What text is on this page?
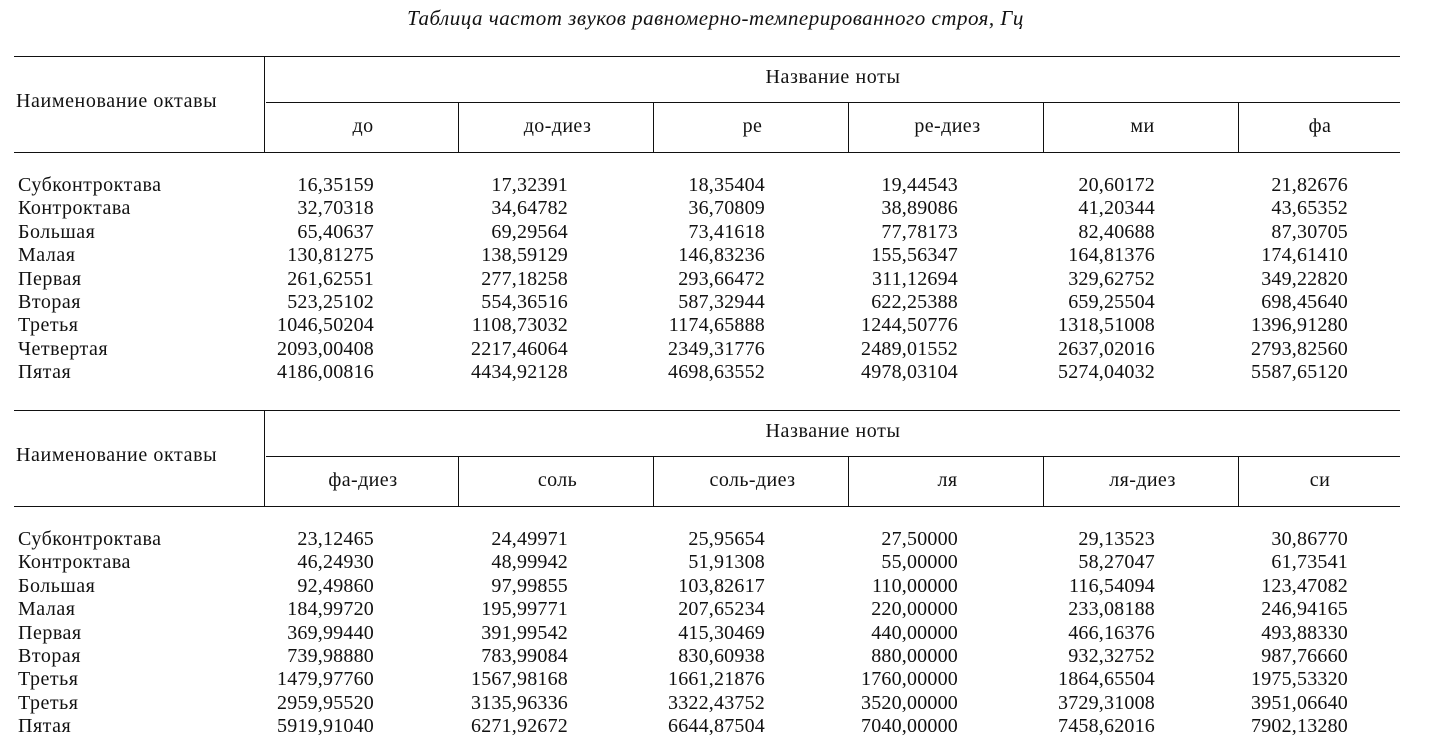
Таблица частот звуков равномерно-темперированного строя, Гц
Наименование октавы
Название ноты
до	до-диез	ре	ре-диез	ми	фа
Субконтроктава	16,35159	17,32391	18,35404	19,44543	20,60172	21,82676
Контроктава	32,70318	34,64782	36,70809	38,89086	41,20344	43,65352
Большая	65,40637	69,29564	73,41618	77,78173	82,40688	87,30705
Малая	130,81275	138,59129	146,83236	155,56347	164,81376	174,61410
Первая	261,62551	277,18258	293,66472	311,12694	329,62752	349,22820
Вторая	523,25102	554,36516	587,32944	622,25388	659,25504	698,45640
Третья	1046,50204	1108,73032	1174,65888	1244,50776	1318,51008	1396,91280
Четвертая	2093,00408	2217,46064	2349,31776	2489,01552	2637,02016	2793,82560
Пятая	4186,00816	4434,92128	4698,63552	4978,03104	5274,04032	5587,65120
Наименование октавы
Название ноты
фа-диез	соль	соль-диез	ля	ля-диез	си
Субконтроктава	23,12465	24,49971	25,95654	27,50000	29,13523	30,86770
Контроктава	46,24930	48,99942	51,91308	55,00000	58,27047	61,73541
Большая	92,49860	97,99855	103,82617	110,00000	116,54094	123,47082
Малая	184,99720	195,99771	207,65234	220,00000	233,08188	246,94165
Первая	369,99440	391,99542	415,30469	440,00000	466,16376	493,88330
Вторая	739,98880	783,99084	830,60938	880,00000	932,32752	987,76660
Третья	1479,97760	1567,98168	1661,21876	1760,00000	1864,65504	1975,53320
Третья	2959,95520	3135,96336	3322,43752	3520,00000	3729,31008	3951,06640
Пятая	5919,91040	6271,92672	6644,87504	7040,00000	7458,62016	7902,13280
